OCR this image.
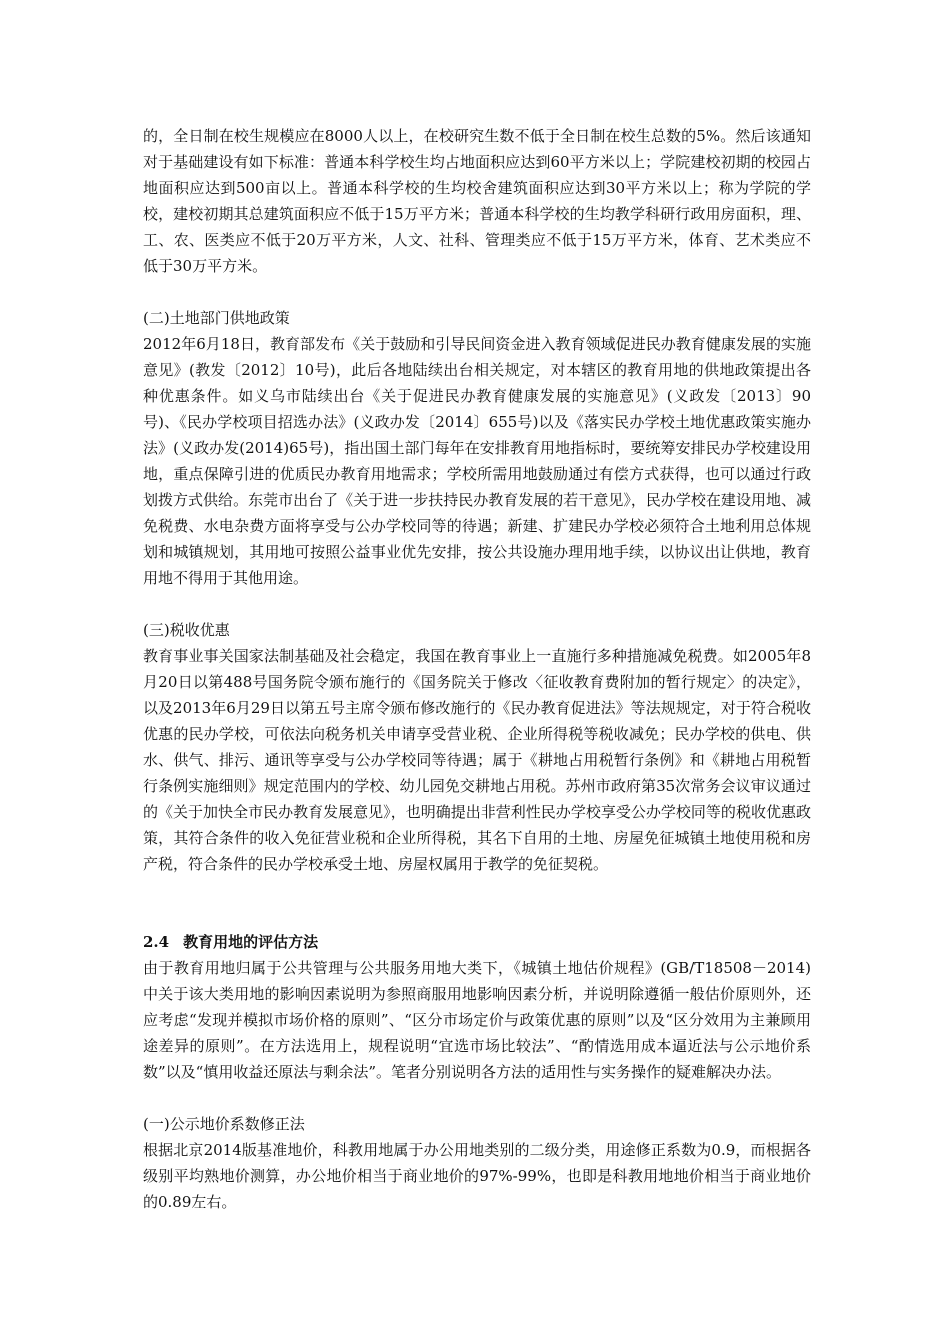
的，全日制在校生规模应在8000人以上，在校研究生数不低于全日制在校生总数的5%。然后该通知对于基础建设有如下标准：普通本科学校生均占地面积应达到60平方米以上；学院建校初期的校园占地面积应达到500亩以上。普通本科学校的生均校舍建筑面积应达到30平方米以上；称为学院的学校，建校初期其总建筑面积应不低于15万平方米；普通本科学校的生均教学科研行政用房面积，理、工、农、医类应不低于20万平方米，人文、社科、管理类应不低于15万平方米，体育、艺术类应不低于30万平方米。

(二)土地部门供地政策

2012年6月18日，教育部发布《关于鼓励和引导民间资金进入教育领域促进民办教育健康发展的实施意见》(教发〔2012〕10号)，此后各地陆续出台相关规定，对本辖区的教育用地的供地政策提出各种优惠条件。如义乌市陆续出台《关于促进民办教育健康发展的实施意见》(义政发〔2013〕90号)、《民办学校项目招选办法》(义政办发〔2014〕655号)以及《落实民办学校土地优惠政策实施办法》(义政办发(2014)65号)，指出国土部门每年在安排教育用地指标时，要统筹安排民办学校建设用地，重点保障引进的优质民办教育用地需求；学校所需用地鼓励通过有偿方式获得，也可以通过行政划拨方式供给。东莞市出台了《关于进一步扶持民办教育发展的若干意见》，民办学校在建设用地、减免税费、水电杂费方面将享受与公办学校同等的待遇；新建、扩建民办学校必须符合土地利用总体规划和城镇规划，其用地可按照公益事业优先安排，按公共设施办理用地手续，以协议出让供地，教育用地不得用于其他用途。

(三)税收优惠

教育事业事关国家法制基础及社会稳定，我国在教育事业上一直施行多种措施减免税费。如2005年8月20日以第488号国务院令颁布施行的《国务院关于修改〈征收教育费附加的暂行规定〉的决定》，以及2013年6月29日以第五号主席令颁布修改施行的《民办教育促进法》等法规规定，对于符合税收优惠的民办学校，可依法向税务机关申请享受营业税、企业所得税等税收减免；民办学校的供电、供水、供气、排污、通讯等享受与公办学校同等待遇；属于《耕地占用税暂行条例》和《耕地占用税暂行条例实施细则》规定范围内的学校、幼儿园免交耕地占用税。苏州市政府第35次常务会议审议通过的《关于加快全市民办教育发展意见》，也明确提出非营利性民办学校享受公办学校同等的税收优惠政策，其符合条件的收入免征营业税和企业所得税，其名下自用的土地、房屋免征城镇土地使用税和房产税，符合条件的民办学校承受土地、房屋权属用于教学的免征契税。

2.4 教育用地的评估方法

由于教育用地归属于公共管理与公共服务用地大类下，《城镇土地估价规程》(GB/T18508－2014)中关于该大类用地的影响因素说明为参照商服用地影响因素分析，并说明除遵循一般估价原则外，还应考虑“发现并模拟市场价格的原则”、“区分市场定价与政策优惠的原则”以及“区分效用为主兼顾用途差异的原则”。在方法选用上，规程说明“宜选市场比较法”、“酌情选用成本逼近法与公示地价系数”以及“慎用收益还原法与剩余法”。笔者分别说明各方法的适用性与实务操作的疑难解决办法。

(一)公示地价系数修正法

根据北京2014版基准地价，科教用地属于办公用地类别的二级分类，用途修正系数为0.9，而根据各级别平均熟地价测算，办公地价相当于商业地价的97%-99%，也即是科教用地地价相当于商业地价的0.89左右。
